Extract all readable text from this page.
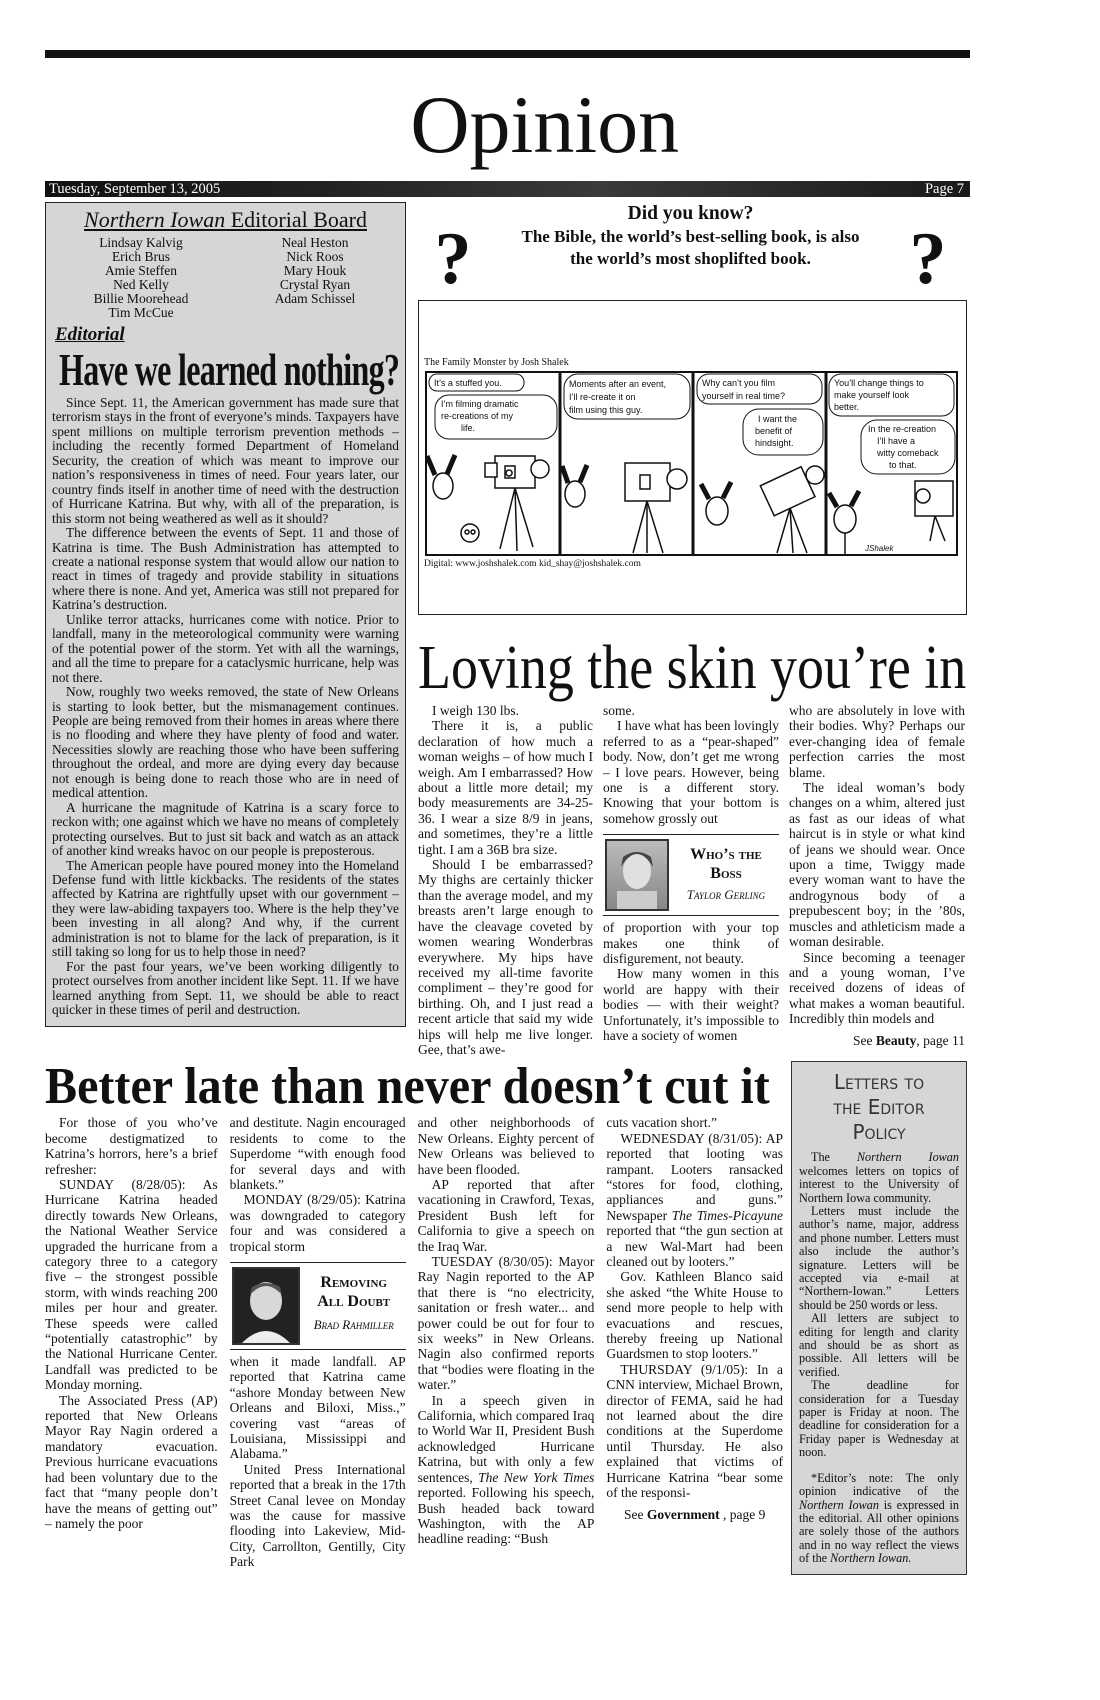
Opinion
Tuesday, September 13, 2005	Page 7
Northern Iowan Editorial Board
Lindsay Kalvig
Erich Brus
Amie Steffen
Ned Kelly
Billie Moorehead
Tim McCue
Neal Heston
Nick Roos
Mary Houk
Crystal Ryan
Adam Schissel
Editorial
Have we learned nothing?

Since Sept. 11, the American government has made sure that terrorism stays in the front of everyone’s minds. Taxpayers have spent millions on multiple terrorism prevention methods – including the recently formed Department of Homeland Security, the creation of which was meant to improve our nation’s responsiveness in times of need. Four years later, our country finds itself in another time of need with the destruction of Hurricane Katrina. But why, with all of the preparation, is this storm not being weathered as well as it should?

The difference between the events of Sept. 11 and those of Katrina is time. The Bush Administration has attempted to create a national response system that would allow our nation to react in times of tragedy and provide stability in situations where there is none. And yet, America was still not prepared for Katrina’s destruction.

Unlike terror attacks, hurricanes come with notice. Prior to landfall, many in the meteorological community were warning of the potential power of the storm. Yet with all the warnings, and all the time to prepare for a cataclysmic hurricane, help was not there.

Now, roughly two weeks removed, the state of New Orleans is starting to look better, but the mismanagement continues. People are being removed from their homes in areas where there is no flooding and where they have plenty of food and water. Necessities slowly are reaching those who have been suffering throughout the ordeal, and more are dying every day because not enough is being done to reach those who are in need of medical attention.

A hurricane the magnitude of Katrina is a scary force to reckon with; one against which we have no means of completely protecting ourselves. But to just sit back and watch as an attack of another kind wreaks havoc on our people is preposterous.

The American people have poured money into the Homeland Defense fund with little kickbacks. The residents of the states affected by Katrina are rightfully upset with our government – they were law-abiding taxpayers too. Where is the help they’ve been investing in all along? And why, if the current administration is not to blame for the lack of preparation, is it still taking so long for us to help those in need?

For the past four years, we’ve been working diligently to protect ourselves from another incident like Sept. 11. If we have learned anything from Sept. 11, we should be able to react quicker in these times of peril and destruction.

Did you know?
?	The Bible, the world’s best-selling book, is also
the world’s most shoplifted book.	?
The Family Monster by Josh Shalek
It’s a stuffed you.
I’m filming dramatic re-creations of my life.
Moments after an event, I’ll re-create it on film using this guy.
Why can’t you film yourself in real time?
I want the benefit of hindsight.
You’ll change things to make yourself look better.
In the re-creation I’ll have a witty comeback to that.
JShalek
Digital: www.joshshalek.com kid_shay@joshshalek.com
Loving the skin you’re in

I weigh 130 lbs.

There it is, a public declaration of how much a woman weighs – of how much I weigh. Am I embarrassed? How about a little more detail; my body measurements are 34-25-36. I wear a size 8/9 in jeans, and sometimes, they’re a little tight. I am a 36B bra size.

Should I be embarrassed? My thighs are certainly thicker than the average model, and my breasts aren’t large enough to have the cleavage coveted by women wearing Wonderbras everywhere. My hips have received my all-time favorite compliment – they’re good for birthing. Oh, and I just read a recent article that said my wide hips will help me live longer. Gee, that’s awe-

some.

I have what has been lovingly referred to as a “pear-shaped” body. Now, don’t get me wrong – I love pears. However, being one is a different story. Knowing that your bottom is somehow grossly out

Who’s the
Boss
Taylor Gerling

of proportion with your top makes one think of disfigurement, not beauty.

How many women in this world are happy with their bodies — with their weight? Unfortunately, it’s impossible to have a society of women

who are absolutely in love with their bodies. Why? Perhaps our ever-changing idea of female perfection carries the most blame.

The ideal woman’s body changes on a whim, altered just as fast as our ideas of what haircut is in style or what kind of jeans we should wear. Once upon a time, Twiggy made every woman want to have the androgynous body of a prepubescent boy; in the ’80s, muscles and athleticism made a woman desirable.

Since becoming a teenager and a young woman, I’ve received dozens of ideas of what makes a woman beautiful. Incredibly thin models and

See Beauty, page 11
Better late than never doesn’t cut it

For those of you who’ve become destigmatized to Katrina’s horrors, here’s a brief refresher:

SUNDAY (8/28/05): As Hurricane Katrina headed directly towards New Orleans, the National Weather Service upgraded the hurricane from a category three to a category five – the strongest possible storm, with winds reaching 200 miles per hour and greater. These speeds were called “potentially catastrophic” by the National Hurricane Center. Landfall was predicted to be Monday morning.

The Associated Press (AP) reported that New Orleans Mayor Ray Nagin ordered a mandatory evacuation. Previous hurricane evacuations had been voluntary due to the fact that “many people don’t have the means of getting out” – namely the poor

and destitute. Nagin encouraged residents to come to the Superdome “with enough food for several days and with blankets.”

MONDAY (8/29/05): Katrina was downgraded to category four and was considered a tropical storm

Removing
All Doubt
Brad Rahmiller

when it made landfall. AP reported that Katrina came “ashore Monday between New Orleans and Biloxi, Miss.,” covering vast “areas of Louisiana, Mississippi and Alabama.”

United Press International reported that a break in the 17th Street Canal levee on Monday was the cause for massive flooding into Lakeview, Mid-City, Carrollton, Gentilly, City Park

and other neighborhoods of New Orleans. Eighty percent of New Orleans was believed to have been flooded.

AP reported that after vacationing in Crawford, Texas, President Bush left for California to give a speech on the Iraq War.

TUESDAY (8/30/05): Mayor Ray Nagin reported to the AP that there is “no electricity, sanitation or fresh water... and power could be out for four to six weeks” in New Orleans. Nagin also confirmed reports that “bodies were floating in the water.”

In a speech given in California, which compared Iraq to World War II, President Bush acknowledged Hurricane Katrina, but with only a few sentences, The New York Times reported. Following his speech, Bush headed back toward Washington, with the AP headline reading: “Bush

cuts vacation short.”

WEDNESDAY (8/31/05): AP reported that looting was rampant. Looters ransacked “stores for food, clothing, appliances and guns.” Newspaper The Times-Picayune reported that “the gun section at a new Wal-Mart had been cleaned out by looters.”

Gov. Kathleen Blanco said she asked “the White House to send more people to help with evacuations and rescues, thereby freeing up National Guardsmen to stop looters.”

THURSDAY (9/1/05): In a CNN interview, Michael Brown, director of FEMA, said he had not learned about the dire conditions at the Superdome until Thursday. He also explained that victims of Hurricane Katrina “bear some of the responsi-

See Government , page 9
Letters to
the Editor
Policy

The Northern Iowan welcomes letters on topics of interest to the University of Northern Iowa community.

Letters must include the author’s name, major, address and phone number. Letters must also include the author’s signature. Letters will be accepted via e-mail at “Northern-Iowan.” Letters should be 250 words or less.

All letters are subject to editing for length and clarity and should be as short as possible. All letters will be verified.

The deadline for consideration for a Tuesday paper is Friday at noon. The deadline for consideration for a Friday paper is Wednesday at noon.

*Editor’s note: The only opinion indicative of the Northern Iowan is expressed in the editorial. All other opinions are solely those of the authors and in no way reflect the views of the Northern Iowan.
